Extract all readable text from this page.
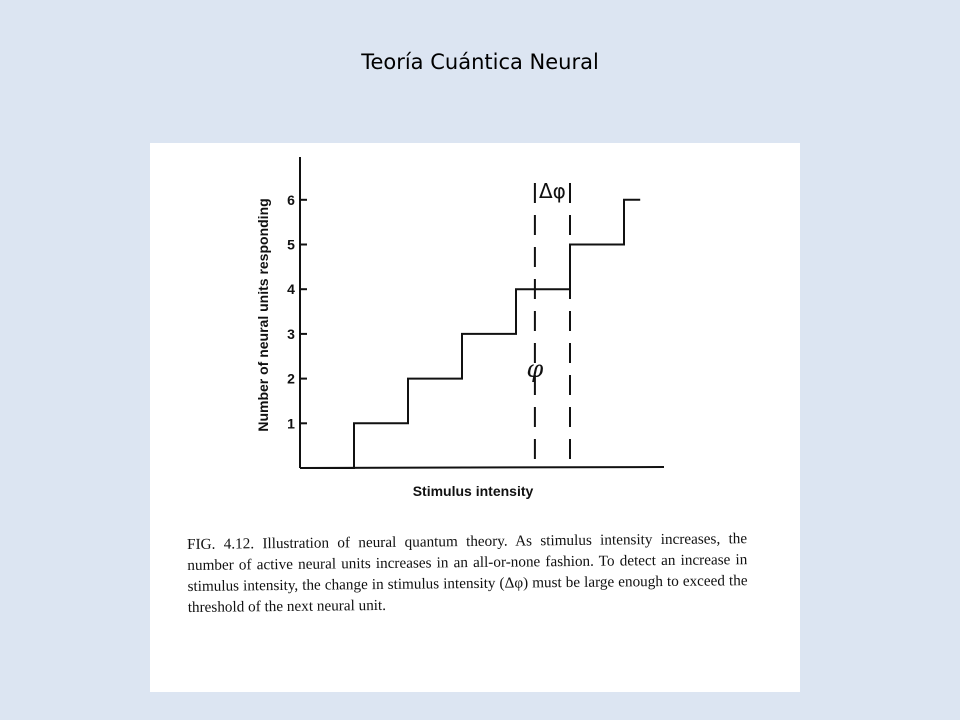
Teoría Cuántica Neural
1
2
3
4
5
6
φ
Δφ
Number of neural units responding
Stimulus intensity
FIG. 4.12. Illustration of neural quantum theory. As stimulus intensity increases, the number of active neural units increases in an all-or-none fashion. To detect an increase in stimulus intensity, the change in stimulus intensity (Δφ) must be large enough to exceed the threshold of the next neural unit.
